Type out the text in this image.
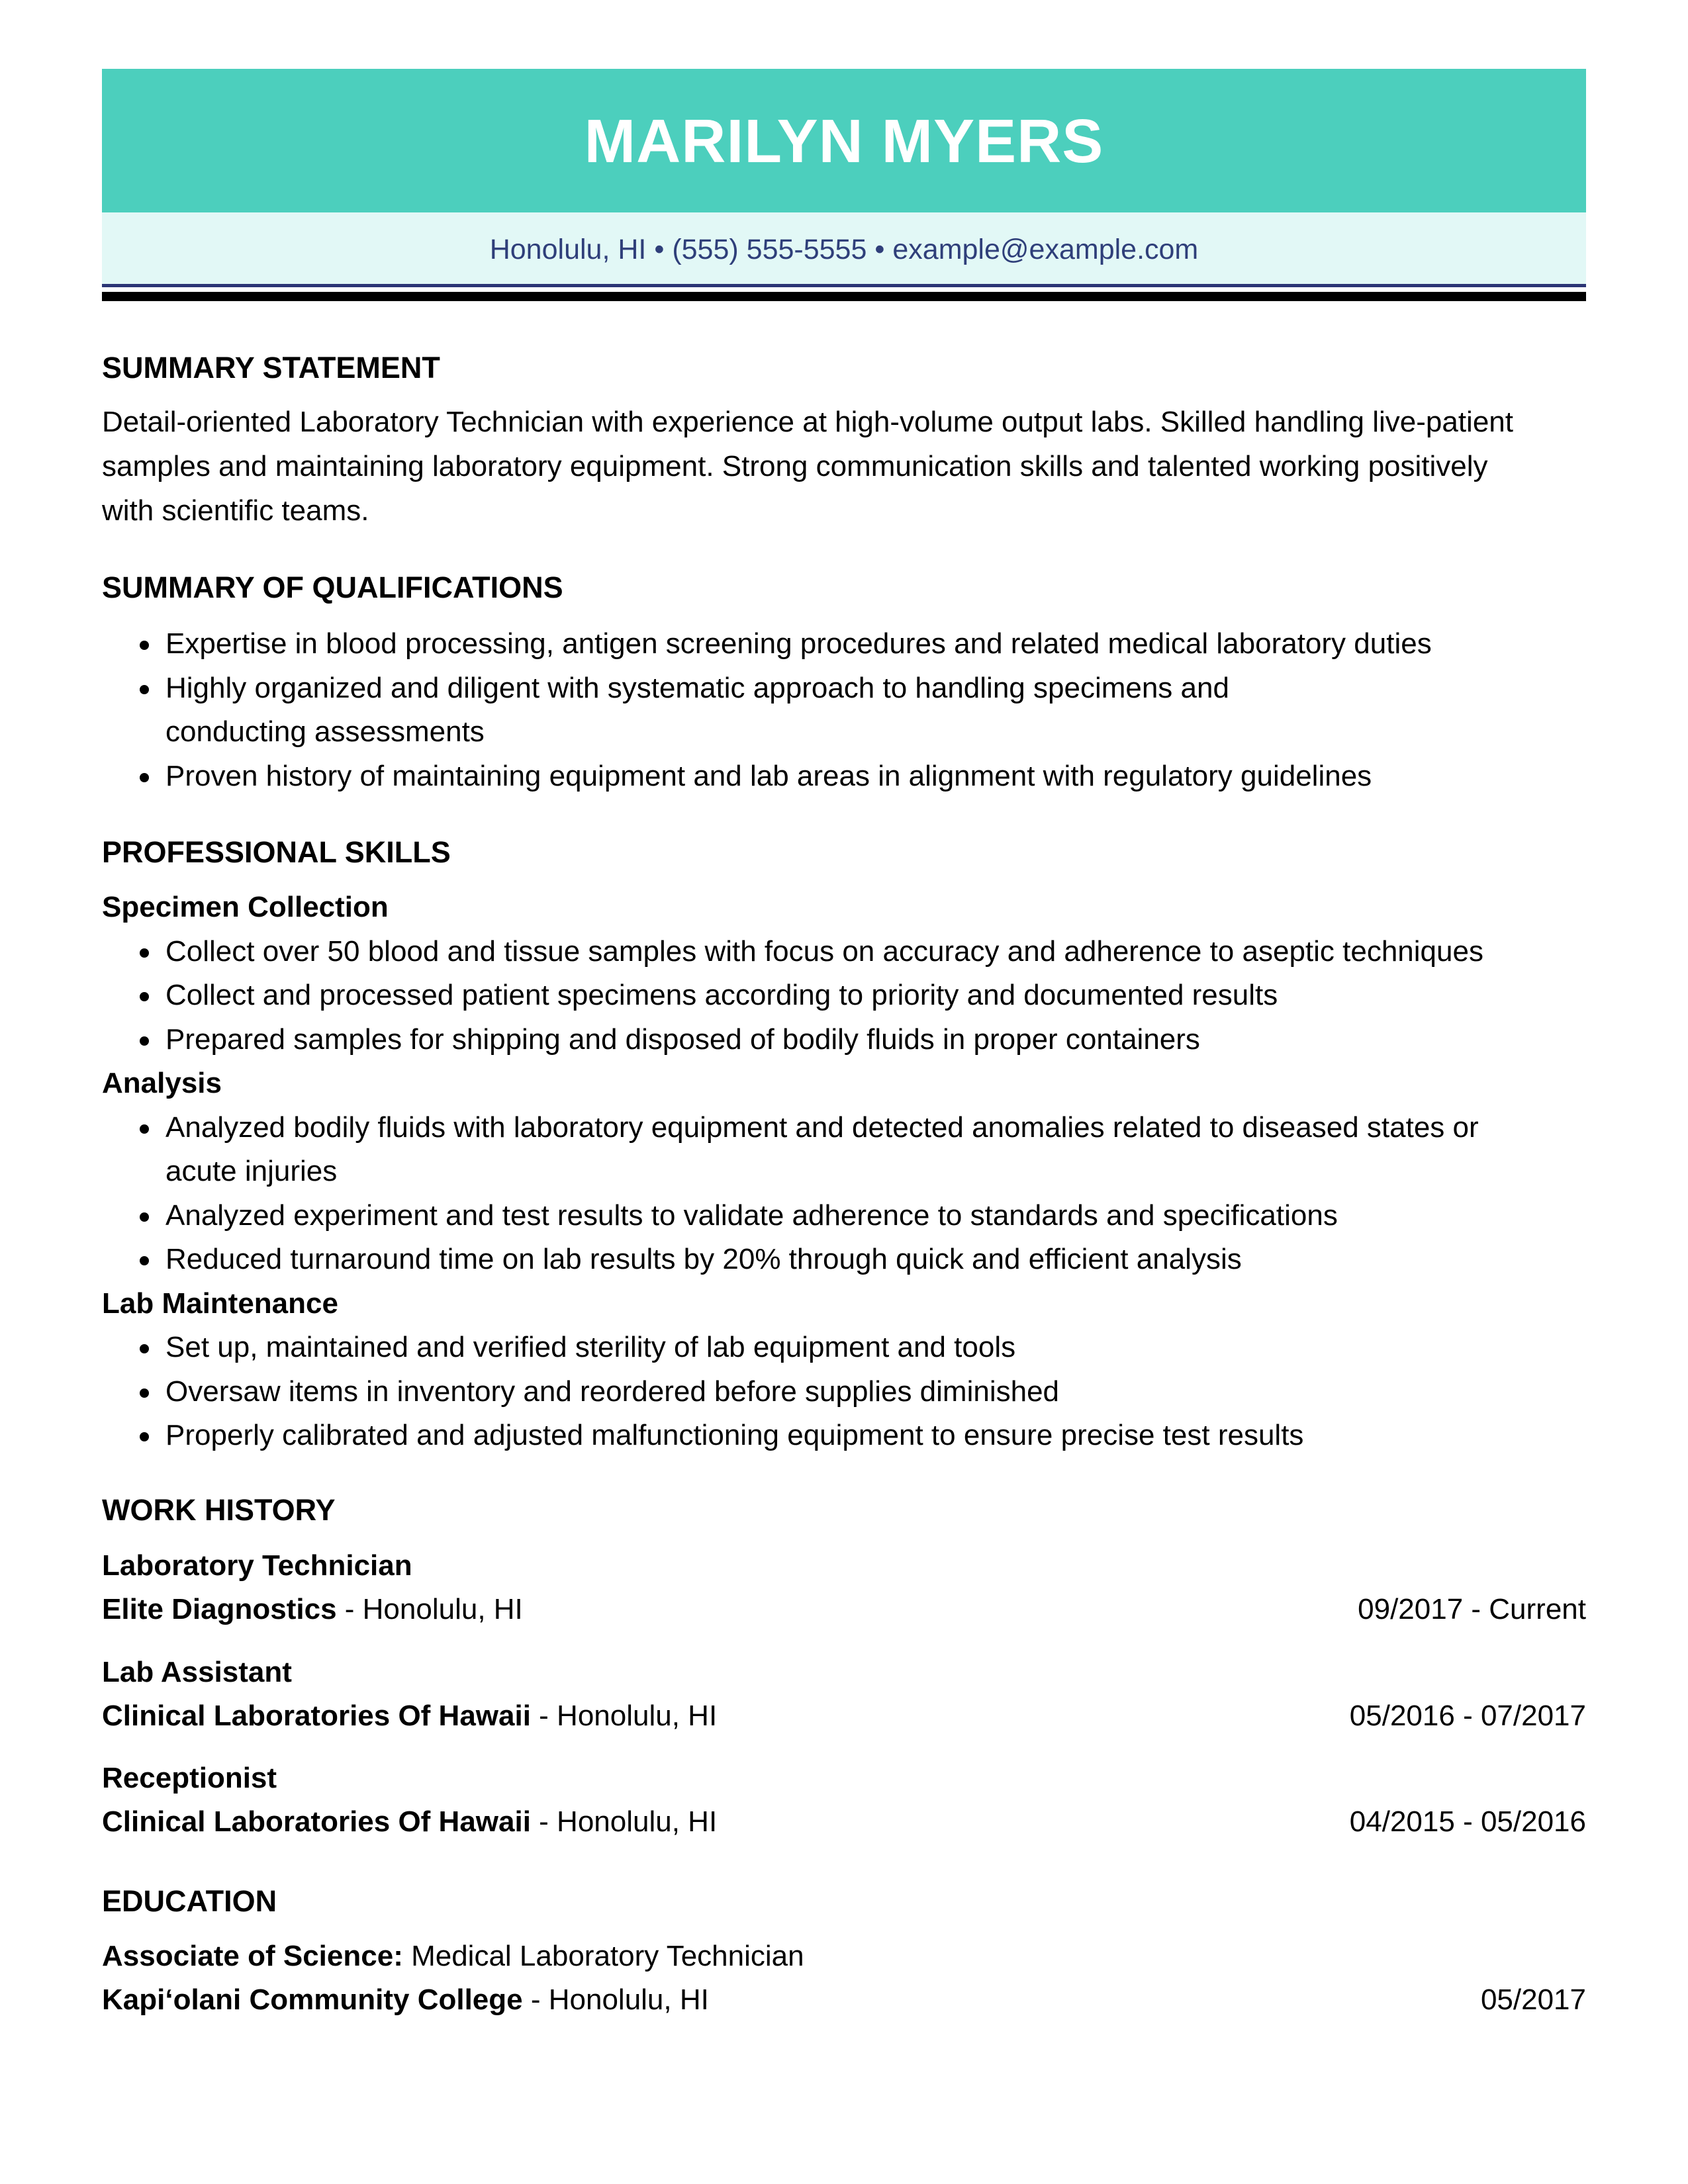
MARILYN MYERS
Honolulu, HI • (555) 555-5555 • example@example.com
SUMMARY STATEMENT
Detail-oriented Laboratory Technician with experience at high-volume output labs. Skilled handling live-patient
samples and maintaining laboratory equipment. Strong communication skills and talented working positively
with scientific teams.
SUMMARY OF QUALIFICATIONS
Expertise in blood processing, antigen screening procedures and related medical laboratory duties
Highly organized and diligent with systematic approach to handling specimens and conducting assessments
Proven history of maintaining equipment and lab areas in alignment with regulatory guidelines
PROFESSIONAL SKILLS
Specimen Collection
Collect over 50 blood and tissue samples with focus on accuracy and adherence to aseptic techniques
Collect and processed patient specimens according to priority and documented results
Prepared samples for shipping and disposed of bodily fluids in proper containers
Analysis
Analyzed bodily fluids with laboratory equipment and detected anomalies related to diseased states or acute injuries
Analyzed experiment and test results to validate adherence to standards and specifications
Reduced turnaround time on lab results by 20% through quick and efficient analysis
Lab Maintenance
Set up, maintained and verified sterility of lab equipment and tools
Oversaw items in inventory and reordered before supplies diminished
Properly calibrated and adjusted malfunctioning equipment to ensure precise test results
WORK HISTORY
Laboratory Technician
Elite Diagnostics - Honolulu, HI	09/2017 - Current
Lab Assistant
Clinical Laboratories Of Hawaii - Honolulu, HI	05/2016 - 07/2017
Receptionist
Clinical Laboratories Of Hawaii - Honolulu, HI	04/2015 - 05/2016
EDUCATION
Associate of Science: Medical Laboratory Technician
Kapiʻolani Community College - Honolulu, HI	05/2017
